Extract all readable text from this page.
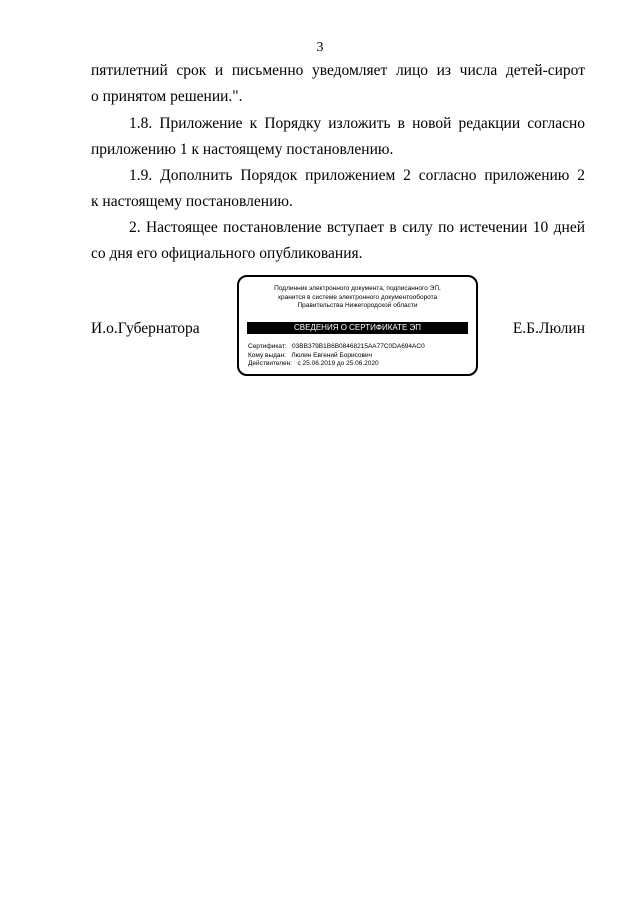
3
пятилетний срок и письменно уведомляет лицо из числа детей-сирот
о принятом решении.".
1.8. Приложение к Порядку изложить в новой редакции согласно
приложению 1 к настоящему постановлению.
1.9. Дополнить Порядок приложением 2 согласно приложению 2
к настоящему постановлению.
2. Настоящее постановление вступает в силу по истечении 10 дней
со дня его официального опубликования.
И.о.Губернатора	Е.Б.Люлин
Подлинник электронного документа, подписанного ЭП,
хранится в системе электронного документооборота
Правительства Нижегородской области
СВЕДЕНИЯ О СЕРТИФИКАТЕ ЭП
Сертификат:   03BB379B1B6B08468215AA77C0DA694AC0
Кому выдан:   Люлин Евгений Борисович
Действителен:   с 25.06.2019 до 25.06.2020
